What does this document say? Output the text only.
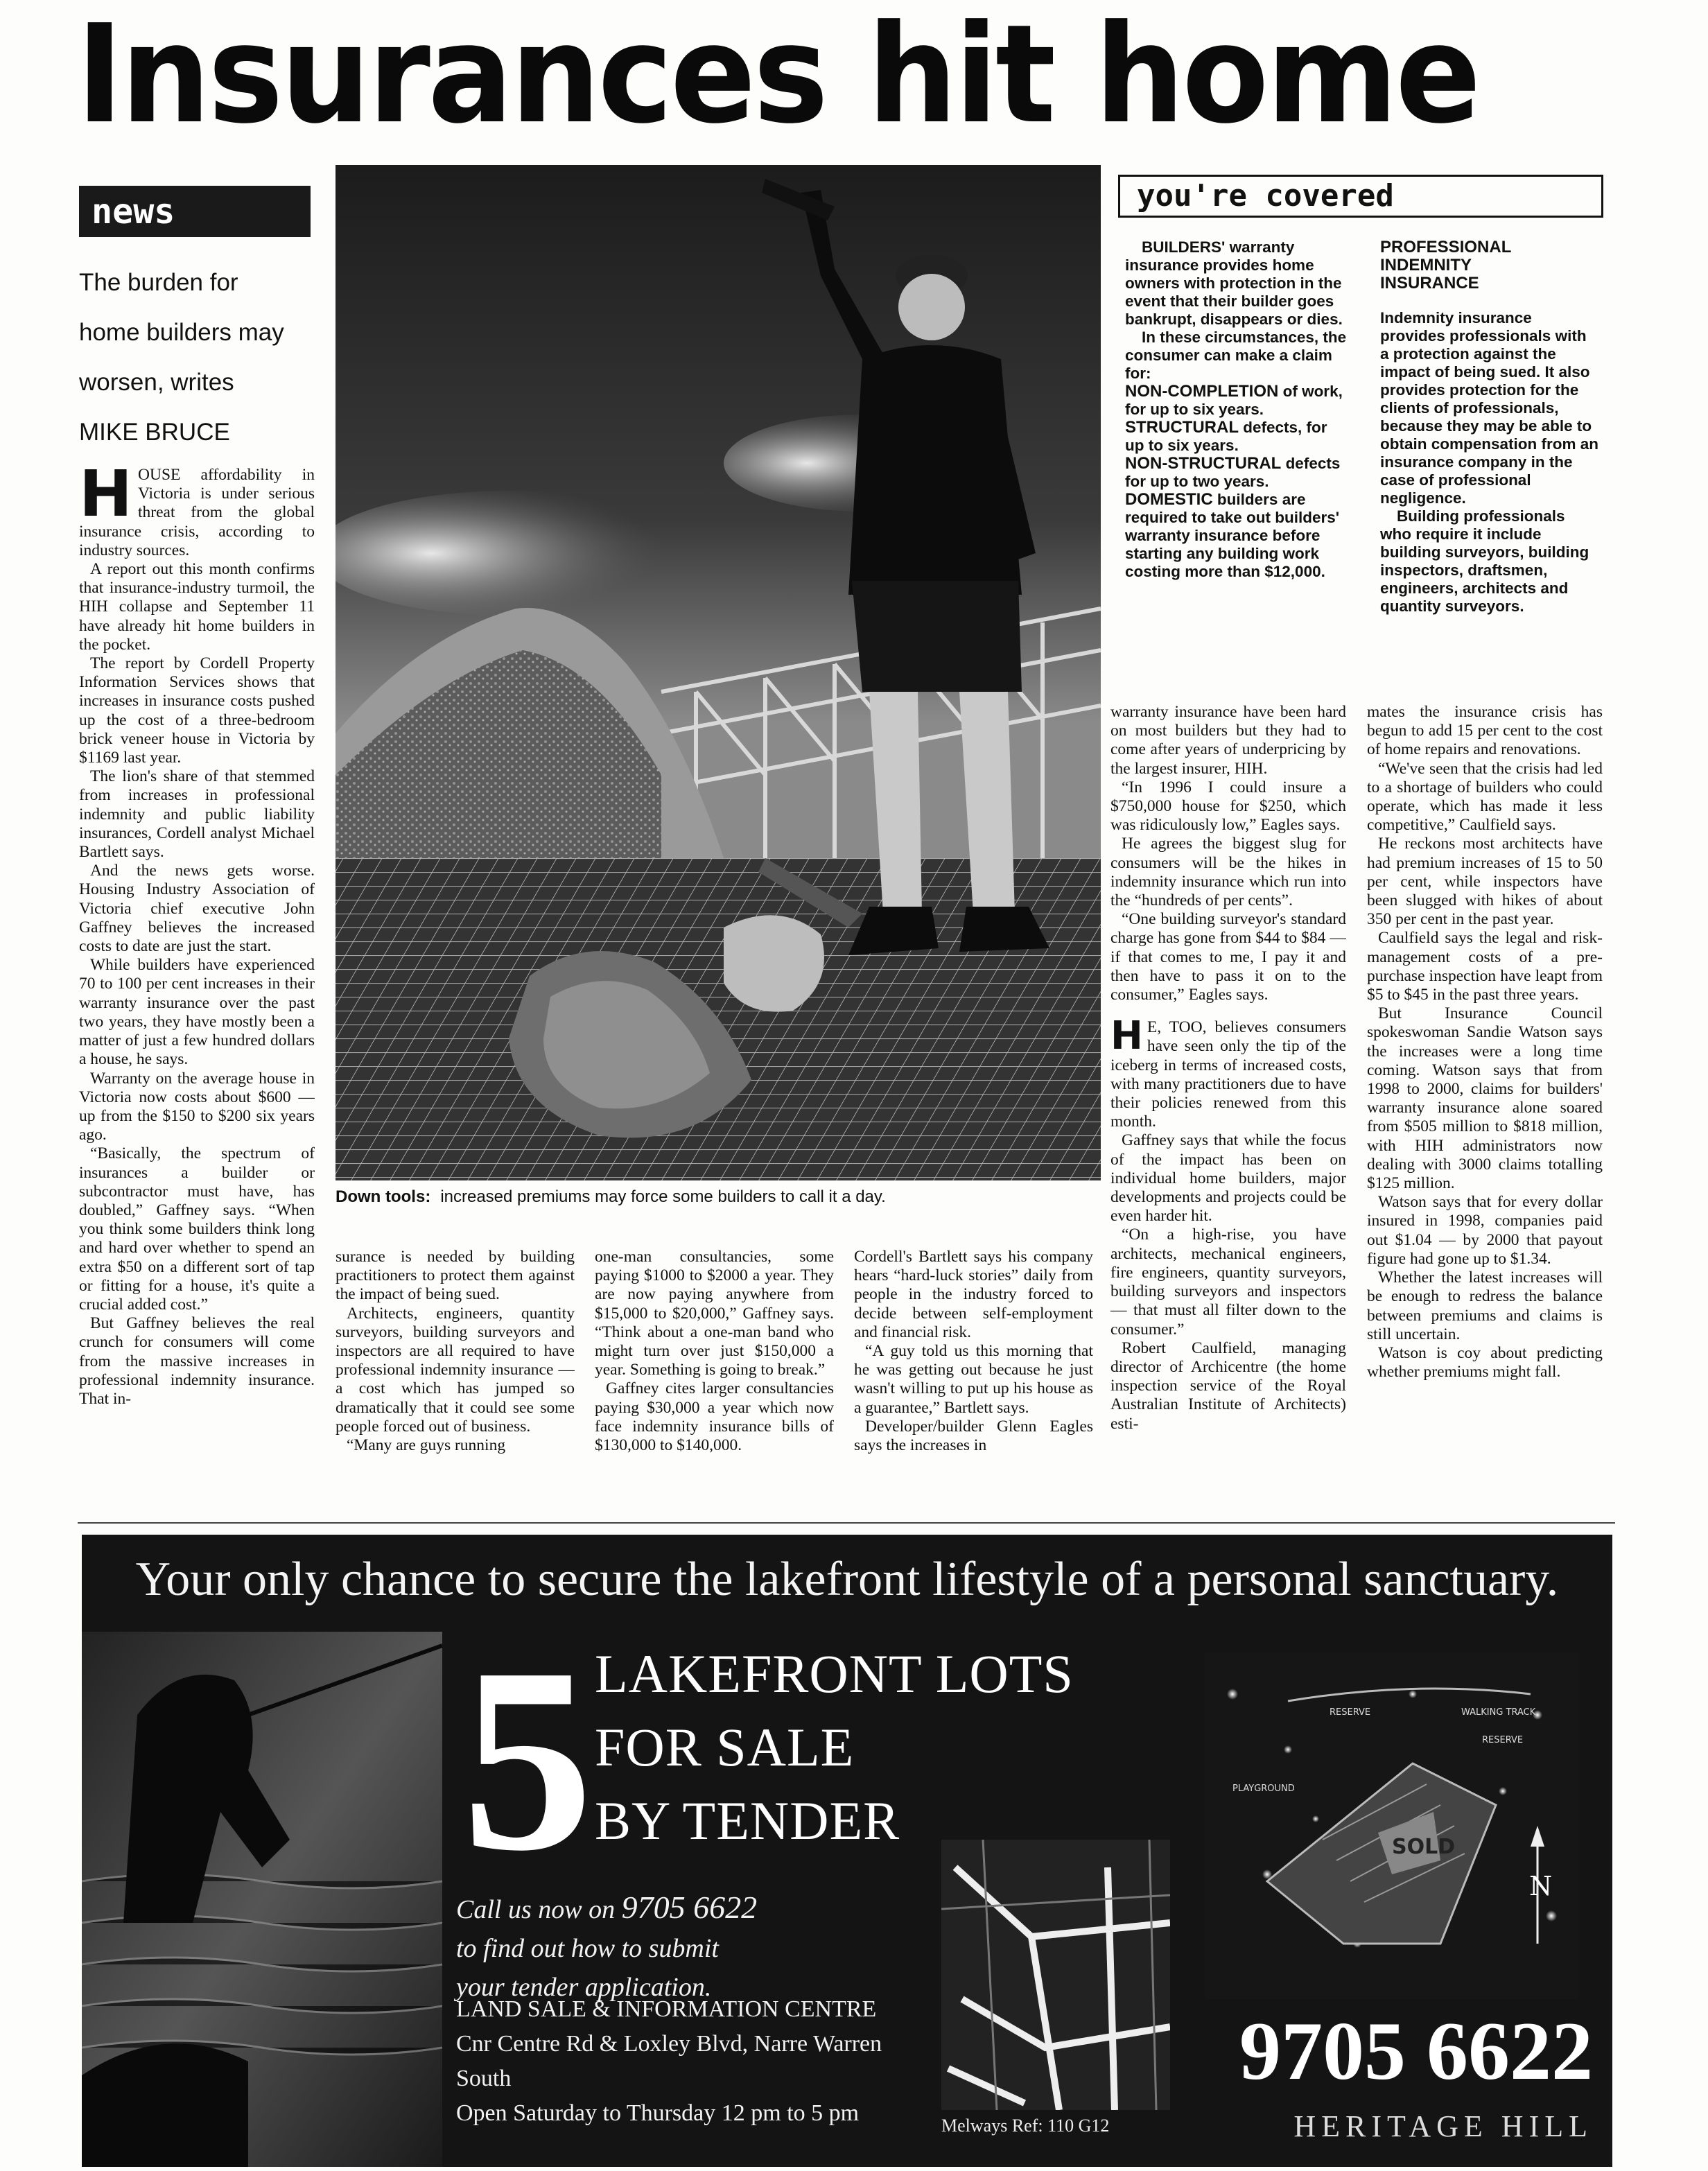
Insurances hit home
news
The burden for
home builders may
worsen, writes
MIKE BRUCE
H OUSE affordability in Victoria is under serious threat from the global insurance crisis, according to industry sources.

A report out this month confirms that insurance-industry turmoil, the HIH collapse and September 11 have already hit home builders in the pocket.

The report by Cordell Property Information Services shows that increases in insurance costs pushed up the cost of a three-bedroom brick veneer house in Victoria by $1169 last year.

The lion's share of that stemmed from increases in professional indemnity and public liability insurances, Cordell analyst Michael Bartlett says.

And the news gets worse. Housing Industry Association of Victoria chief executive John Gaffney believes the increased costs to date are just the start.

While builders have experienced 70 to 100 per cent increases in their warranty insurance over the past two years, they have mostly been a matter of just a few hundred dollars a house, he says.

Warranty on the average house in Victoria now costs about $600 — up from the $150 to $200 six years ago.

“Basically, the spectrum of insurances a builder or subcontractor must have, has doubled,” Gaffney says. “When you think some builders think long and hard over whether to spend an extra $50 on a different sort of tap or fitting for a house, it's quite a crucial added cost.”

But Gaffney believes the real crunch for consumers will come from the massive increases in professional indemnity insurance. That in-

Down tools: increased premiums may force some builders to call it a day.
you're covered

BUILDERS' warranty insurance provides home owners with protection in the event that their builder goes bankrupt, disappears or dies.

In these circumstances, the consumer can make a claim for:

NON-COMPLETION of work, for up to six years.

STRUCTURAL defects, for up to six years.

NON-STRUCTURAL defects for up to two years.

DOMESTIC builders are required to take out builders' warranty insurance before starting any building work costing more than $12,000.

PROFESSIONAL INDEMNITY INSURANCE

Indemnity insurance provides professionals with a protection against the impact of being sued. It also provides protection for the clients of professionals, because they may be able to obtain compensation from an insurance company in the case of professional negligence.

Building professionals who require it include building surveyors, building inspectors, draftsmen, engineers, architects and quantity surveyors.

surance is needed by building practitioners to protect them against the impact of being sued.

Architects, engineers, quantity surveyors, building surveyors and inspectors are all required to have professional indemnity insurance — a cost which has jumped so dramatically that it could see some people forced out of business.

“Many are guys running

one-man consultancies, some paying $1000 to $2000 a year. They are now paying anywhere from $15,000 to $20,000,” Gaffney says. “Think about a one-man band who might turn over just $150,000 a year. Something is going to break.”

Gaffney cites larger consultancies paying $30,000 a year which now face indemnity insurance bills of $130,000 to $140,000.

Cordell's Bartlett says his company hears “hard-luck stories” daily from people in the industry forced to decide between self-employment and financial risk.

“A guy told us this morning that he was getting out because he just wasn't willing to put up his house as a guarantee,” Bartlett says.

Developer/builder Glenn Eagles says the increases in

warranty insurance have been hard on most builders but they had to come after years of underpricing by the largest insurer, HIH.

“In 1996 I could insure a $750,000 house for $250, which was ridiculously low,” Eagles says.

He agrees the biggest slug for consumers will be the hikes in indemnity insurance which run into the “hundreds of per cents”.

“One building surveyor's standard charge has gone from $44 to $84 — if that comes to me, I pay it and then have to pass it on to the consumer,” Eagles says.

H E, TOO, believes consumers have seen only the tip of the iceberg in terms of increased costs, with many practitioners due to have their policies renewed from this month.

Gaffney says that while the focus of the impact has been on individual home builders, major developments and projects could be even harder hit.

“On a high-rise, you have architects, mechanical engineers, fire engineers, quantity surveyors, building surveyors and inspectors — that must all filter down to the consumer.”

Robert Caulfield, managing director of Archicentre (the home inspection service of the Royal Australian Institute of Architects) esti-

mates the insurance crisis has begun to add 15 per cent to the cost of home repairs and renovations.

“We've seen that the crisis had led to a shortage of builders who could operate, which has made it less competitive,” Caulfield says.

He reckons most architects have had premium increases of 15 to 50 per cent, while inspectors have been slugged with hikes of about 350 per cent in the past year.

Caulfield says the legal and risk-management costs of a pre-purchase inspection have leapt from $5 to $45 in the past three years.

But Insurance Council spokeswoman Sandie Watson says the increases were a long time coming. Watson says that from 1998 to 2000, claims for builders' warranty insurance alone soared from $505 million to $818 million, with HIH administrators now dealing with 3000 claims totalling $125 million.

Watson says that for every dollar insured in 1998, companies paid out $1.04 — by 2000 that payout figure had gone up to $1.34.

Whether the latest increases will be enough to redress the balance between premiums and claims is still uncertain.

Watson is coy about predicting whether premiums might fall.

Your only chance to secure the lakefront lifestyle of a personal sanctuary.
5 LAKEFRONT LOTS
FOR SALE
BY TENDER
Call us now on 9705 6622
to find out how to submit
your tender application.
LAND SALE & INFORMATION CENTRE
Cnr Centre Rd & Loxley Blvd, Narre Warren South
Open Saturday to Thursday 12 pm to 5 pm	Melways Ref: 110 G12
SOLD
RESERVE	WALKING TRACK
RESERVE
PLAYGROUND
N
9705 6622
HERITAGE HILL
